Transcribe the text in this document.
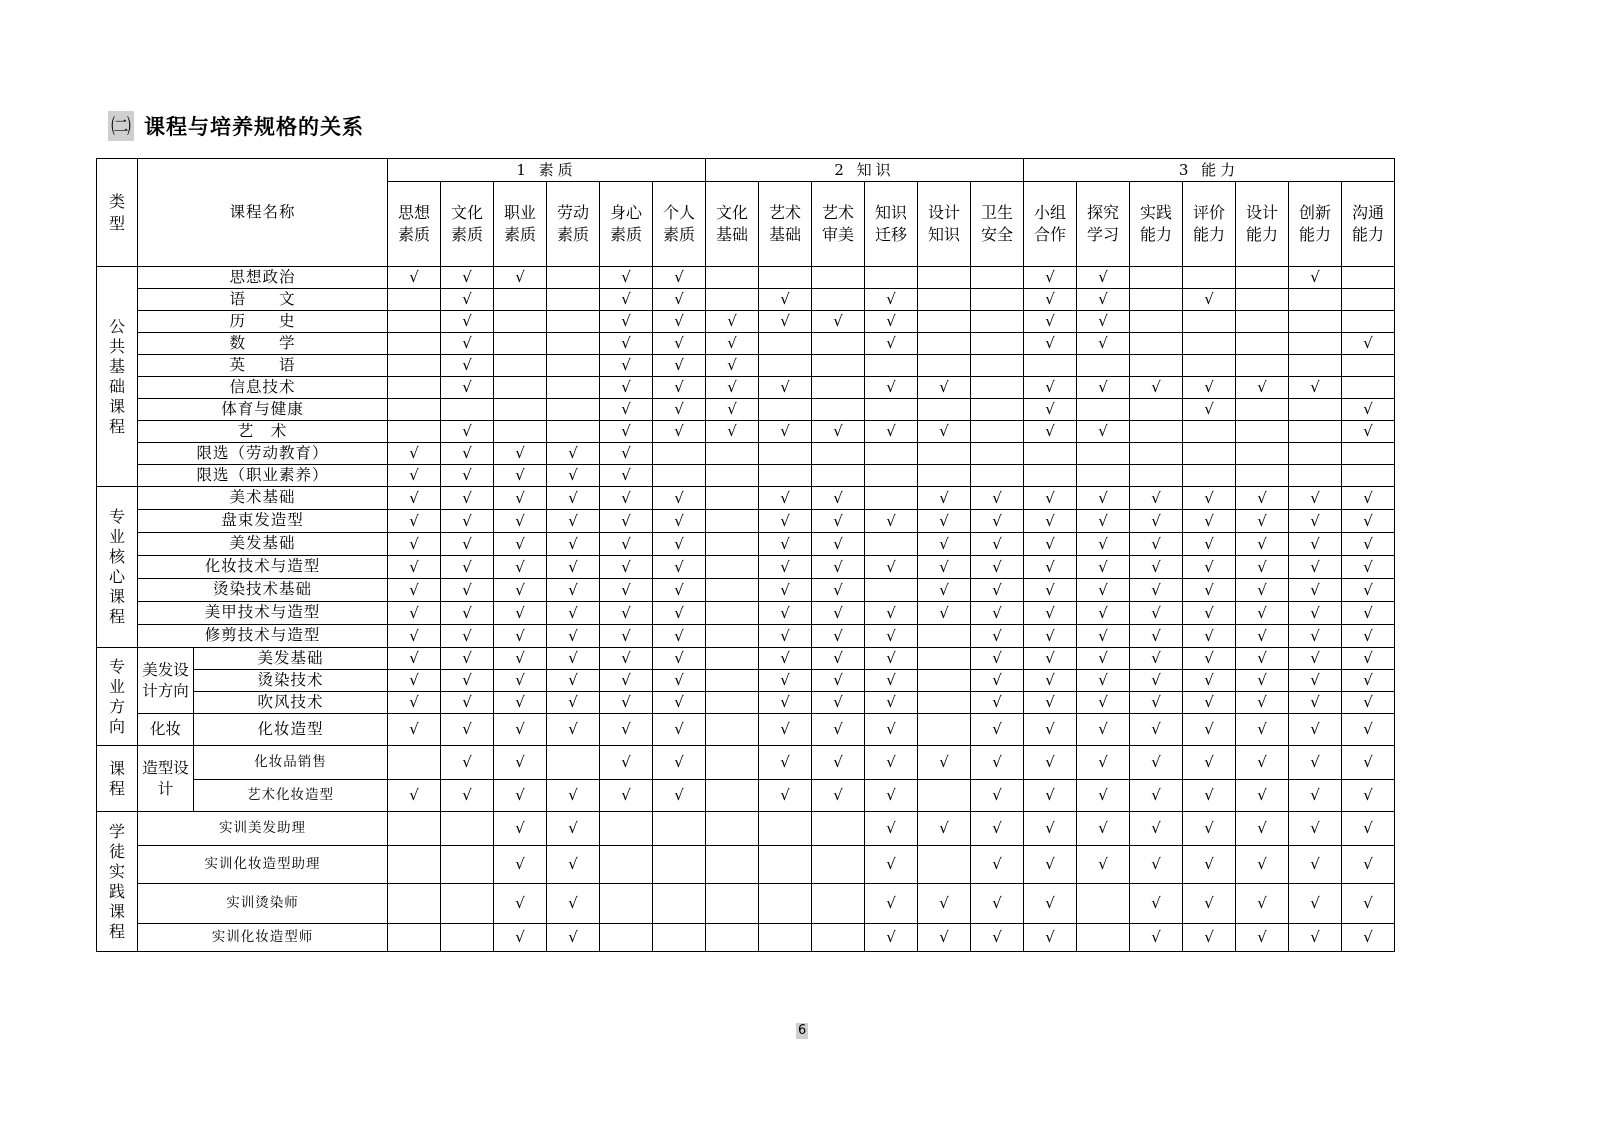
㈡ 课程与培养规格的关系
类型	课程名称		1 素质						2 知识						3 能力						
			思想素质	文化素质	职业素质	劳动素质	身心素质	个人素质	文化基础	艺术基础	艺术审美	知识迁移	设计知识	卫生安全	小组合作	探究学习	实践能力	评价能力	设计能力	创新能力	沟通能力
公共基础课程	思想政治		√	√	√		√	√							√	√				√	
	语　　文			√			√	√		√		√			√	√		√			
	历　　史			√			√	√	√	√	√	√			√	√					
	数　　学			√			√	√	√			√			√	√					√
	英　　语			√			√	√	√												
	信息技术			√			√	√	√	√		√	√		√	√	√	√	√	√	
	体育与健康						√	√	√						√			√			√
	艺　术			√			√	√	√	√	√	√	√		√	√					√
	限选（劳动教育）		√	√	√	√	√														
	限选（职业素养）		√	√	√	√	√														
专业核心课程	美术基础		√	√	√	√	√	√		√	√		√	√	√	√	√	√	√	√	√
	盘束发造型		√	√	√	√	√	√		√	√	√	√	√	√	√	√	√	√	√	√
	美发基础		√	√	√	√	√	√		√	√		√	√	√	√	√	√	√	√	√
	化妆技术与造型		√	√	√	√	√	√		√	√	√	√	√	√	√	√	√	√	√	√
	烫染技术基础		√	√	√	√	√	√		√	√		√	√	√	√	√	√	√	√	√
	美甲技术与造型		√	√	√	√	√	√		√	√	√	√	√	√	√	√	√	√	√	√
	修剪技术与造型		√	√	√	√	√	√		√	√	√		√	√	√	√	√	√	√	√
专业方向	美发设计方向	美发基础	√	√	√	√	√	√		√	√	√		√	√	√	√	√	√	√	√
		烫染技术	√	√	√	√	√	√		√	√	√		√	√	√	√	√	√	√	√
		吹风技术	√	√	√	√	√	√		√	√	√		√	√	√	√	√	√	√	√
	化妆	化妆造型	√	√	√	√	√	√		√	√	√		√	√	√	√	√	√	√	√
课程	造型设计	化妆品销售		√	√		√	√		√	√	√	√	√	√	√	√	√	√	√	√
		艺术化妆造型	√	√	√	√	√	√		√	√	√		√	√	√	√	√	√	√	√
学徒实践课程	实训美发助理				√	√						√	√	√	√	√	√	√	√	√	√
	实训化妆造型助理				√	√						√		√	√	√	√	√	√	√	√
	实训烫染师				√	√						√	√	√	√		√	√	√	√	√
	实训化妆造型师				√	√						√	√	√	√		√	√	√	√	√
6
